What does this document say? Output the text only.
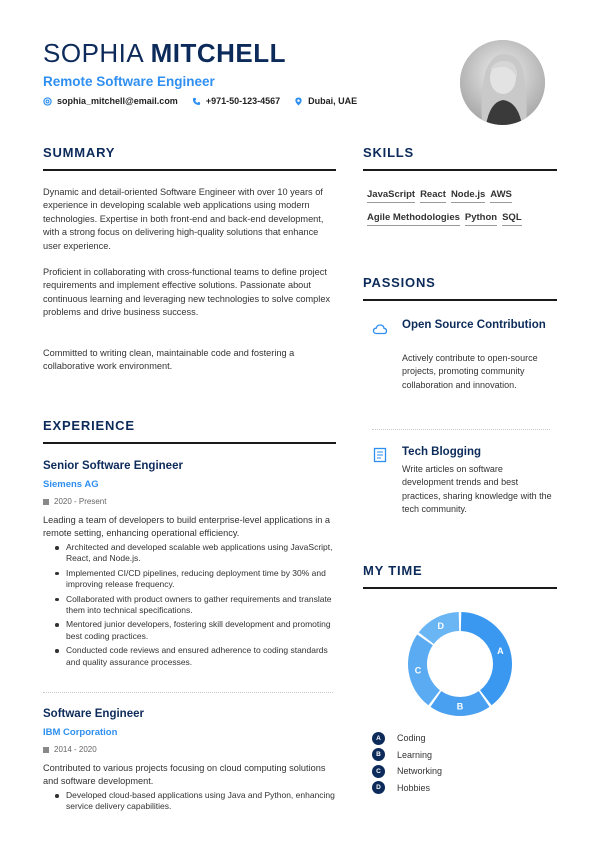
SOPHIA MITCHELL
Remote Software Engineer
sophia_mitchell@email.com	+971-50-123-4567	Dubai, UAE
SUMMARY
Dynamic and detail-oriented Software Engineer with over 10 years of experience in developing scalable web applications using modern technologies. Expertise in both front-end and back-end development, with a strong focus on delivering high-quality solutions that enhance user experience.
Proficient in collaborating with cross-functional teams to define project requirements and implement effective solutions. Passionate about continuous learning and leveraging new technologies to solve complex problems and drive business success.
Committed to writing clean, maintainable code and fostering a collaborative work environment.
EXPERIENCE
Senior Software Engineer
Siemens AG
2020 - Present
Leading a team of developers to build enterprise-level applications in a remote setting, enhancing operational efficiency.
Architected and developed scalable web applications using JavaScript, React, and Node.js.
Implemented CI/CD pipelines, reducing deployment time by 30% and improving release frequency.
Collaborated with product owners to gather requirements and translate them into technical specifications.
Mentored junior developers, fostering skill development and promoting best coding practices.
Conducted code reviews and ensured adherence to coding standards and quality assurance processes.
Software Engineer
IBM Corporation
2014 - 2020
Contributed to various projects focusing on cloud computing solutions and software development.
Developed cloud-based applications using Java and Python, enhancing service delivery capabilities.
SKILLS
JavaScript React Node.js AWS
Agile Methodologies Python SQL
PASSIONS
Open Source Contribution
Actively contribute to open-source projects, promoting community collaboration and innovation.
Tech Blogging
Write articles on software development trends and best practices, sharing knowledge with the tech community.
MY TIME
A
B
C
D
A	Coding
B	Learning
C	Networking
D	Hobbies
